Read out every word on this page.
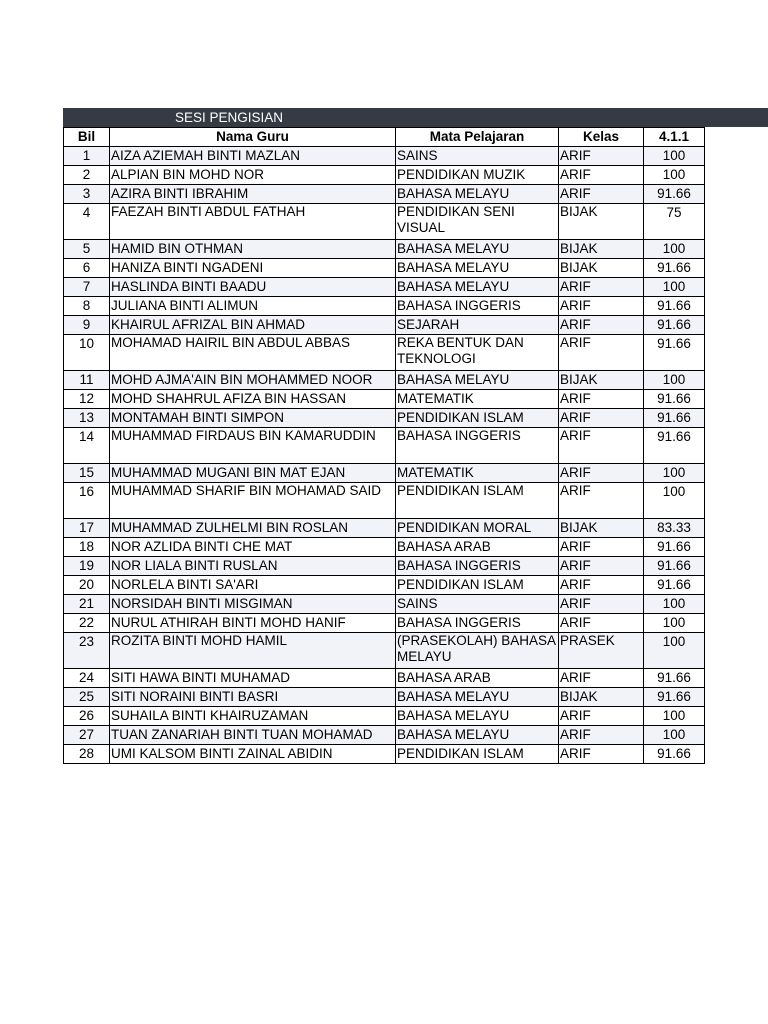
SESI PENGISIAN
Bil	Nama Guru	Mata Pelajaran	Kelas	4.1.1
1	AIZA AZIEMAH BINTI MAZLAN	SAINS	ARIF	100
2	ALPIAN BIN MOHD NOR	PENDIDIKAN MUZIK	ARIF	100
3	AZIRA BINTI IBRAHIM	BAHASA MELAYU	ARIF	91.66
4	FAEZAH BINTI ABDUL FATHAH	PENDIDIKAN SENI VISUAL	BIJAK	75
5	HAMID BIN OTHMAN	BAHASA MELAYU	BIJAK	100
6	HANIZA BINTI NGADENI	BAHASA MELAYU	BIJAK	91.66
7	HASLINDA BINTI BAADU	BAHASA MELAYU	ARIF	100
8	JULIANA BINTI ALIMUN	BAHASA INGGERIS	ARIF	91.66
9	KHAIRUL AFRIZAL BIN AHMAD	SEJARAH	ARIF	91.66
10	MOHAMAD HAIRIL BIN ABDUL ABBAS	REKA BENTUK DAN TEKNOLOGI	ARIF	91.66
11	MOHD AJMA'AIN BIN MOHAMMED NOOR	BAHASA MELAYU	BIJAK	100
12	MOHD SHAHRUL AFIZA BIN HASSAN	MATEMATIK	ARIF	91.66
13	MONTAMAH BINTI SIMPON	PENDIDIKAN ISLAM	ARIF	91.66
14	MUHAMMAD FIRDAUS BIN KAMARUDDIN	BAHASA INGGERIS	ARIF	91.66
15	MUHAMMAD MUGANI BIN MAT EJAN	MATEMATIK	ARIF	100
16	MUHAMMAD SHARIF BIN MOHAMAD SAID	PENDIDIKAN ISLAM	ARIF	100
17	MUHAMMAD ZULHELMI BIN ROSLAN	PENDIDIKAN MORAL	BIJAK	83.33
18	NOR AZLIDA BINTI CHE MAT	BAHASA ARAB	ARIF	91.66
19	NOR LIALA BINTI RUSLAN	BAHASA INGGERIS	ARIF	91.66
20	NORLELA BINTI SA'ARI	PENDIDIKAN ISLAM	ARIF	91.66
21	NORSIDAH BINTI MISGIMAN	SAINS	ARIF	100
22	NURUL ATHIRAH BINTI MOHD HANIF	BAHASA INGGERIS	ARIF	100
23	ROZITA BINTI MOHD HAMIL	(PRASEKOLAH) BAHASA MELAYU	PRASEK	100
24	SITI HAWA BINTI MUHAMAD	BAHASA ARAB	ARIF	91.66
25	SITI NORAINI BINTI BASRI	BAHASA MELAYU	BIJAK	91.66
26	SUHAILA BINTI KHAIRUZAMAN	BAHASA MELAYU	ARIF	100
27	TUAN ZANARIAH BINTI TUAN MOHAMAD	BAHASA MELAYU	ARIF	100
28	UMI KALSOM BINTI ZAINAL ABIDIN	PENDIDIKAN ISLAM	ARIF	91.66
